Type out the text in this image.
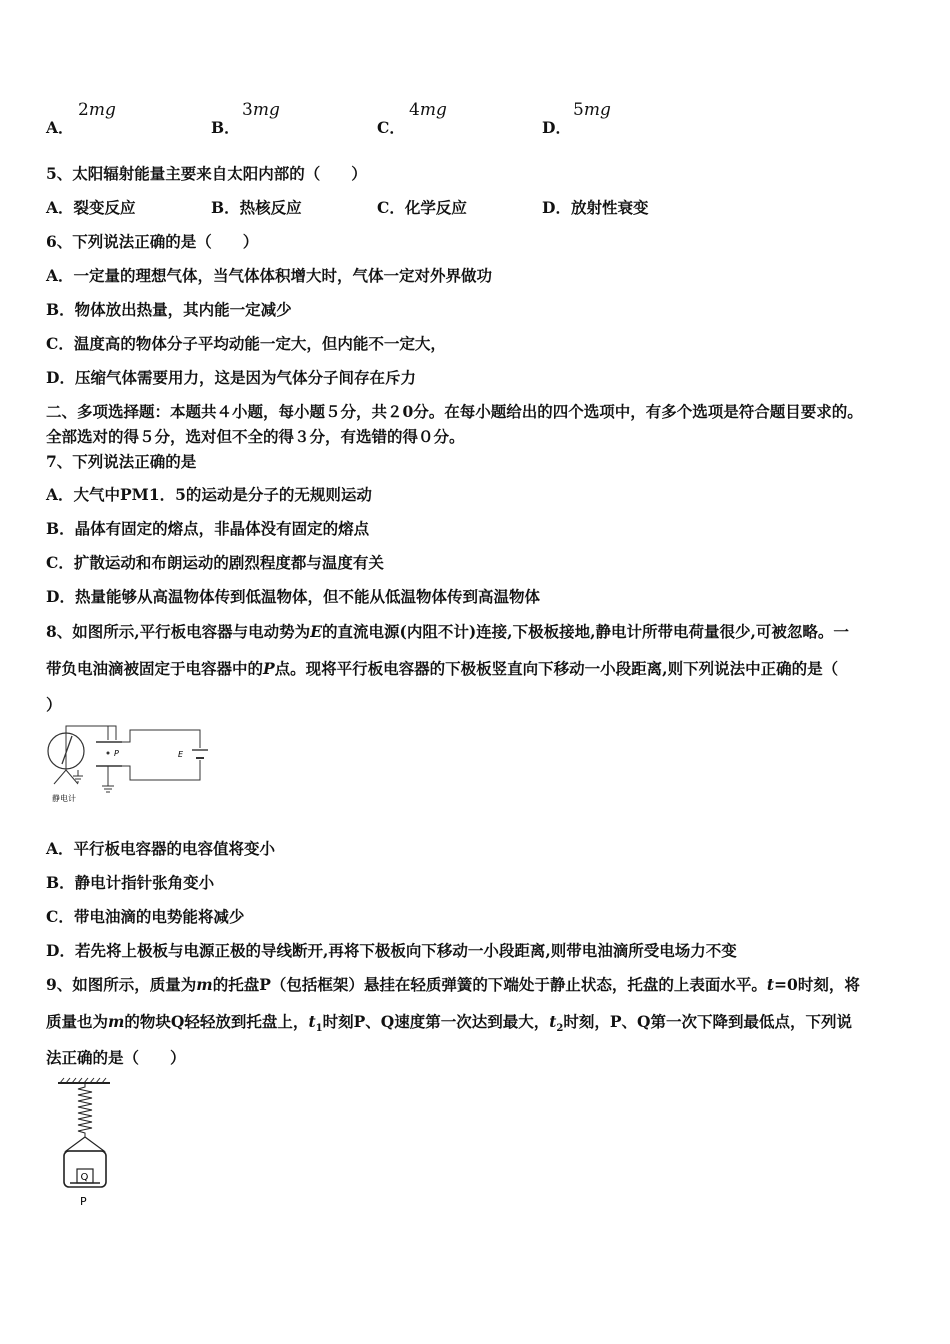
A．
2mg
B．
3mg
C．
4mg
D．
5mg
5、太阳辐射能量主要来自太阳内部的（　　）
A．裂变反应	B．热核反应	C．化学反应	D．放射性衰变
6、下列说法正确的是（　　）
A．一定量的理想气体，当气体体积增大时，气体一定对外界做功
B．物体放出热量，其内能一定减少
C．温度高的物体分子平均动能一定大，但内能不一定大，
D．压缩气体需要用力，这是因为气体分子间存在斥力
二、多项选择题：本题共４小题，每小题５分，共２0分。在每小题给出的四个选项中，有多个选项是符合题目要求的。
全部选对的得５分，选对但不全的得３分，有选错的得０分。
7、下列说法正确的是
A．大气中PM1．5的运动是分子的无规则运动
B．晶体有固定的熔点，非晶体没有固定的熔点
C．扩散运动和布朗运动的剧烈程度都与温度有关
D．热量能够从高温物体传到低温物体，但不能从低温物体传到高温物体
8、如图所示,平行板电容器与电动势为E的直流电源(内阻不计)连接,下极板接地,静电计所带电荷量很少,可被忽略。一
带负电油滴被固定于电容器中的P点。现将平行板电容器的下极板竖直向下移动一小段距离,则下列说法中正确的是（
）
P	E
静电计
A．平行板电容器的电容值将变小
B．静电计指针张角变小
C．带电油滴的电势能将减少
D．若先将上极板与电源正极的导线断开,再将下极板向下移动一小段距离,则带电油滴所受电场力不变
9、如图所示，质量为m的托盘P（包括框架）悬挂在轻质弹簧的下端处于静止状态，托盘的上表面水平。t=0时刻，将
质量也为m的物块Q轻轻放到托盘上，$t_1$时刻P、Q速度第一次达到最大，$t_2$时刻，P、Q第一次下降到最低点，下列说
法正确的是（　　）
Q
P
